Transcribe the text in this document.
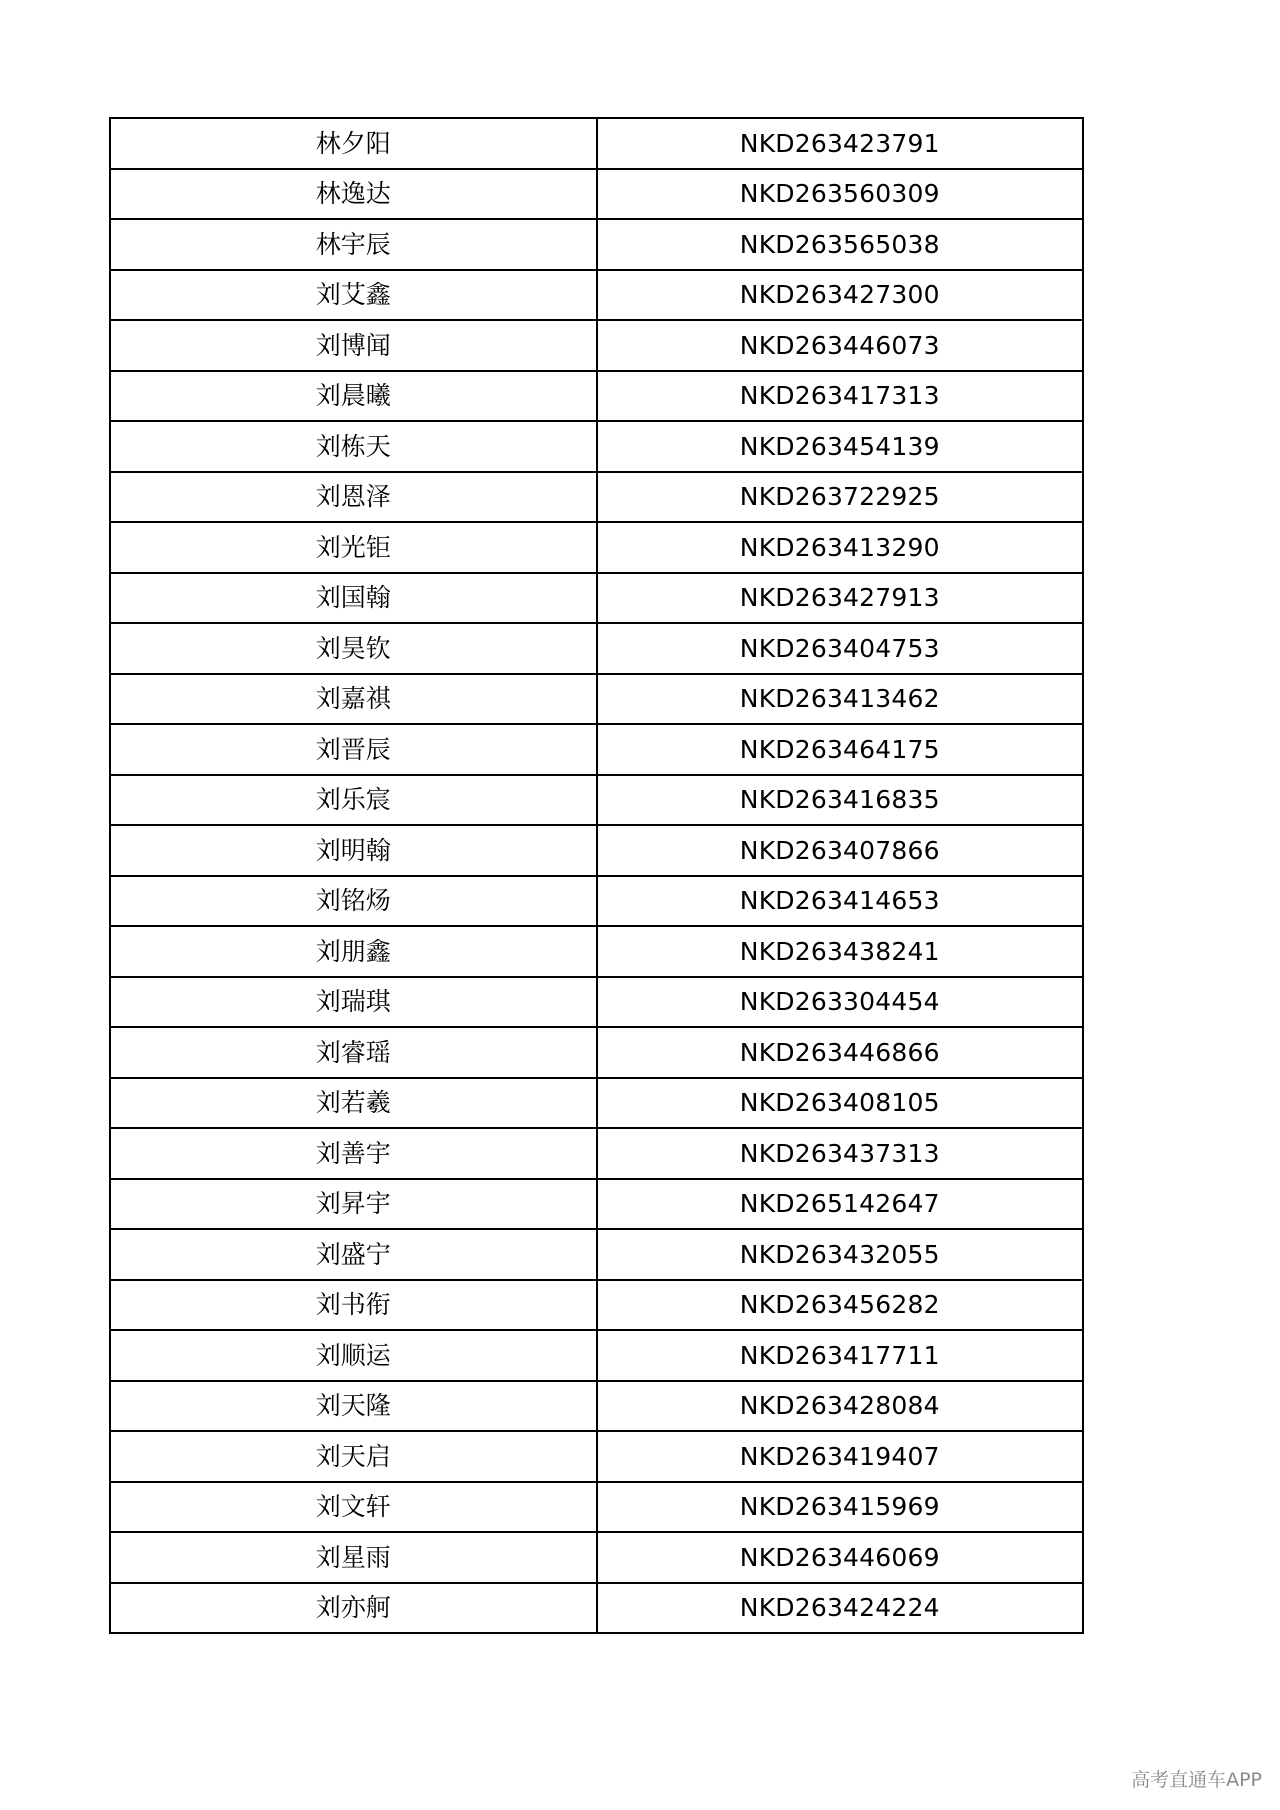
林夕阳	NKD263423791
林逸达	NKD263560309
林宇辰	NKD263565038
刘艾鑫	NKD263427300
刘博闻	NKD263446073
刘晨曦	NKD263417313
刘栋天	NKD263454139
刘恩泽	NKD263722925
刘光钜	NKD263413290
刘国翰	NKD263427913
刘昊钦	NKD263404753
刘嘉祺	NKD263413462
刘晋辰	NKD263464175
刘乐宸	NKD263416835
刘明翰	NKD263407866
刘铭炀	NKD263414653
刘朋鑫	NKD263438241
刘瑞琪	NKD263304454
刘睿瑶	NKD263446866
刘若羲	NKD263408105
刘善宇	NKD263437313
刘昇宇	NKD265142647
刘盛宁	NKD263432055
刘书衔	NKD263456282
刘顺运	NKD263417711
刘天隆	NKD263428084
刘天启	NKD263419407
刘文轩	NKD263415969
刘星雨	NKD263446069
刘亦舸	NKD263424224
高考直通车APP
